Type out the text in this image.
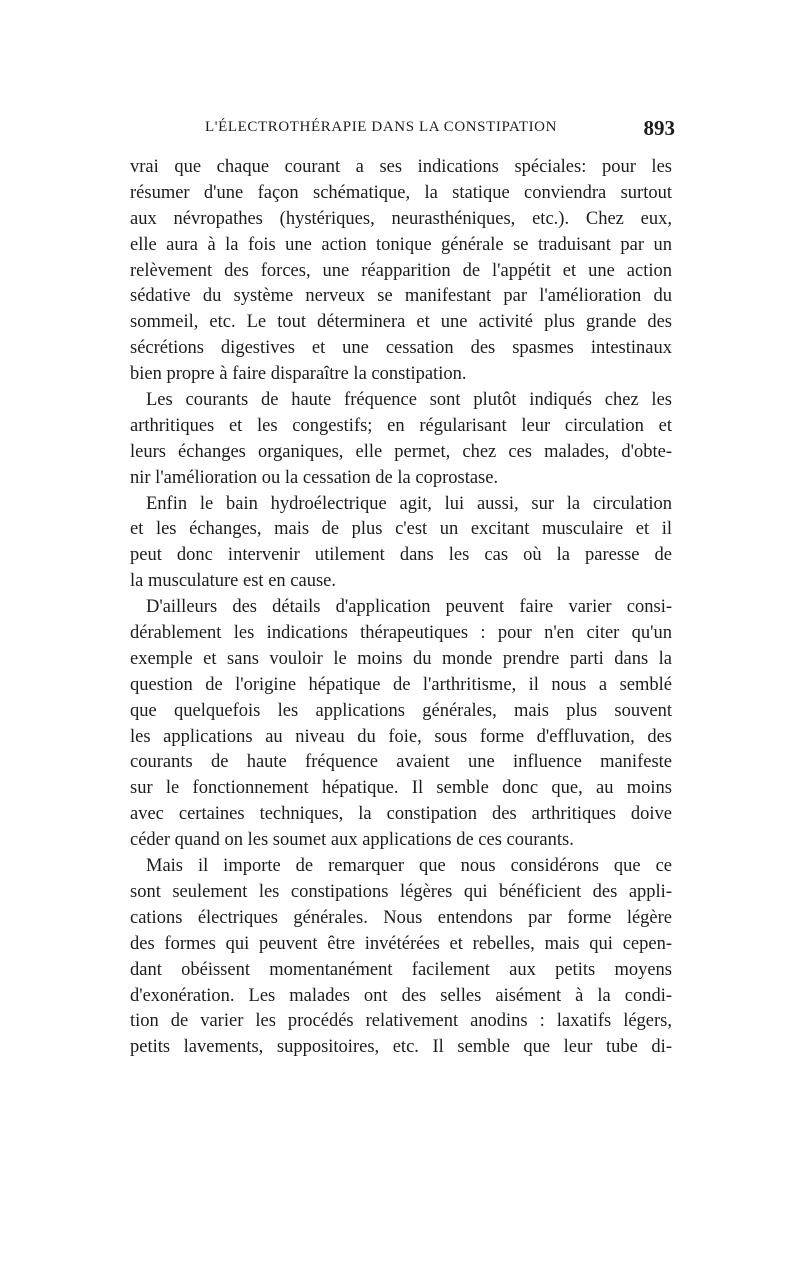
L'ÉLECTROTHÉRAPIE DANS LA CONSTIPATION	893
vrai que chaque courant a ses indications spéciales: pour les
résumer d'une façon schématique, la statique conviendra surtout
aux névropathes (hystériques, neurasthéniques, etc.). Chez eux,
elle aura à la fois une action tonique générale se traduisant par un
relèvement des forces, une réapparition de l'appétit et une action
sédative du système nerveux se manifestant par l'amélioration du
sommeil, etc. Le tout déterminera et une activité plus grande des
sécrétions digestives et une cessation des spasmes intestinaux
bien propre à faire disparaître la constipation.
Les courants de haute fréquence sont plutôt indiqués chez les
arthritiques et les congestifs; en régularisant leur circulation et
leurs échanges organiques, elle permet, chez ces malades, d'obte-
nir l'amélioration ou la cessation de la coprostase.
Enfin le bain hydroélectrique agit, lui aussi, sur la circulation
et les échanges, mais de plus c'est un excitant musculaire et il
peut donc intervenir utilement dans les cas où la paresse de
la musculature est en cause.
D'ailleurs des détails d'application peuvent faire varier consi-
dérablement les indications thérapeutiques : pour n'en citer qu'un
exemple et sans vouloir le moins du monde prendre parti dans la
question de l'origine hépatique de l'arthritisme, il nous a semblé
que quelquefois les applications générales, mais plus souvent
les applications au niveau du foie, sous forme d'effluvation, des
courants de haute fréquence avaient une influence manifeste
sur le fonctionnement hépatique. Il semble donc que, au moins
avec certaines techniques, la constipation des arthritiques doive
céder quand on les soumet aux applications de ces courants.
Mais il importe de remarquer que nous considérons que ce
sont seulement les constipations légères qui bénéficient des appli-
cations électriques générales. Nous entendons par forme légère
des formes qui peuvent être invétérées et rebelles, mais qui cepen-
dant obéissent momentanément facilement aux petits moyens
d'exonération. Les malades ont des selles aisément à la condi-
tion de varier les procédés relativement anodins : laxatifs légers,
petits lavements, suppositoires, etc. Il semble que leur tube di-
